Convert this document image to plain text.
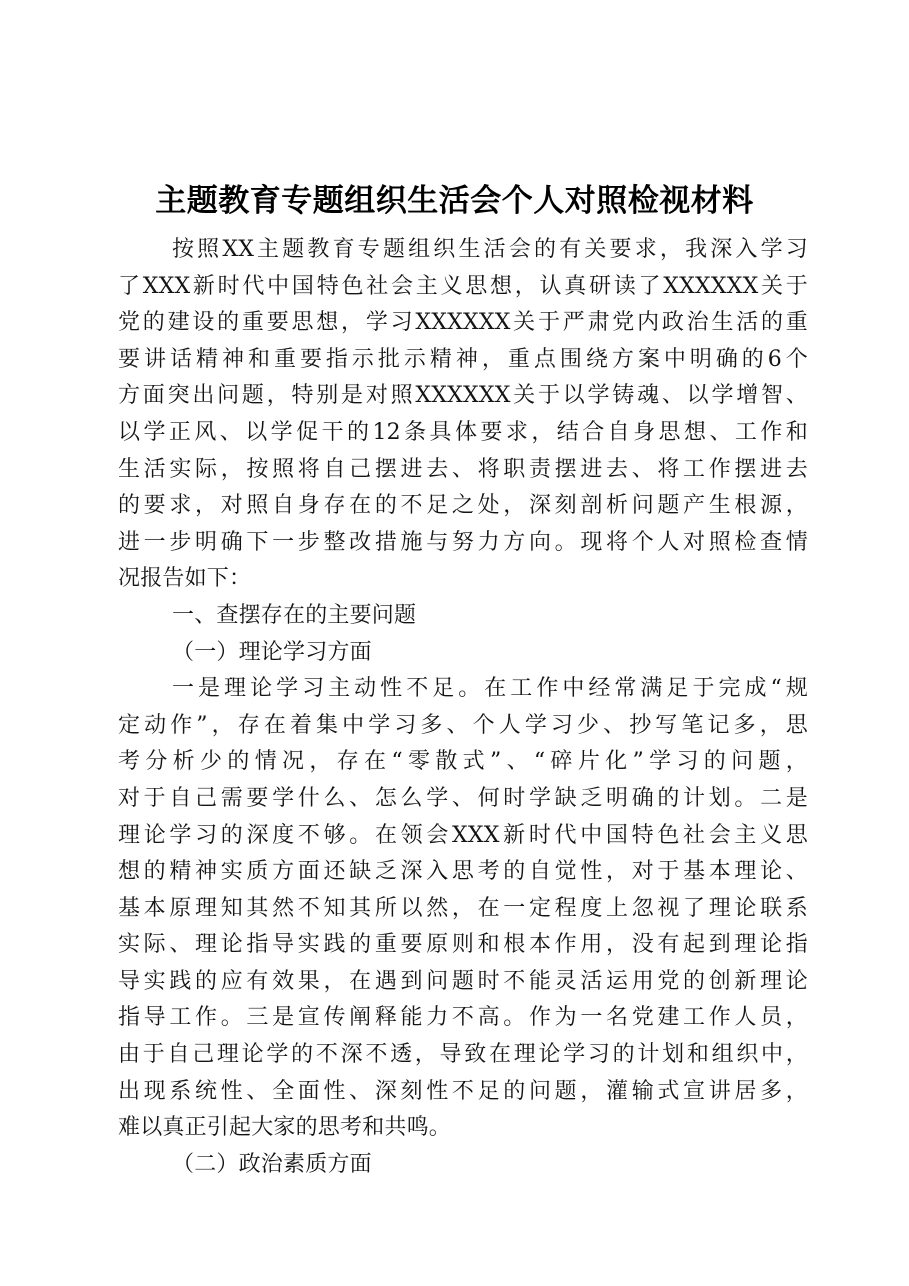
主题教育专题组织生活会个人对照检视材料
按照XX主题教育专题组织生活会的有关要求，我深入学习
了XXX新时代中国特色社会主义思想，认真研读了XXXXXX关于
党的建设的重要思想，学习XXXXXX关于严肃党内政治生活的重
要讲话精神和重要指示批示精神，重点围绕方案中明确的6个
方面突出问题，特别是对照XXXXXX关于以学铸魂、以学增智、
以学正风、以学促干的12条具体要求，结合自身思想、工作和
生活实际，按照将自己摆进去、将职责摆进去、将工作摆进去
的要求，对照自身存在的不足之处，深刻剖析问题产生根源，
进一步明确下一步整改措施与努力方向。现将个人对照检查情
况报告如下：
一、查摆存在的主要问题
（一）理论学习方面
一是理论学习主动性不足。在工作中经常满足于完成“规
定动作”，存在着集中学习多、个人学习少、抄写笔记多，思
考分析少的情况，存在“零散式”、“碎片化”学习的问题，
对于自己需要学什么、怎么学、何时学缺乏明确的计划。二是
理论学习的深度不够。在领会XXX新时代中国特色社会主义思
想的精神实质方面还缺乏深入思考的自觉性，对于基本理论、
基本原理知其然不知其所以然，在一定程度上忽视了理论联系
实际、理论指导实践的重要原则和根本作用，没有起到理论指
导实践的应有效果，在遇到问题时不能灵活运用党的创新理论
指导工作。三是宣传阐释能力不高。作为一名党建工作人员，
由于自己理论学的不深不透，导致在理论学习的计划和组织中，
出现系统性、全面性、深刻性不足的问题，灌输式宣讲居多，
难以真正引起大家的思考和共鸣。
（二）政治素质方面
